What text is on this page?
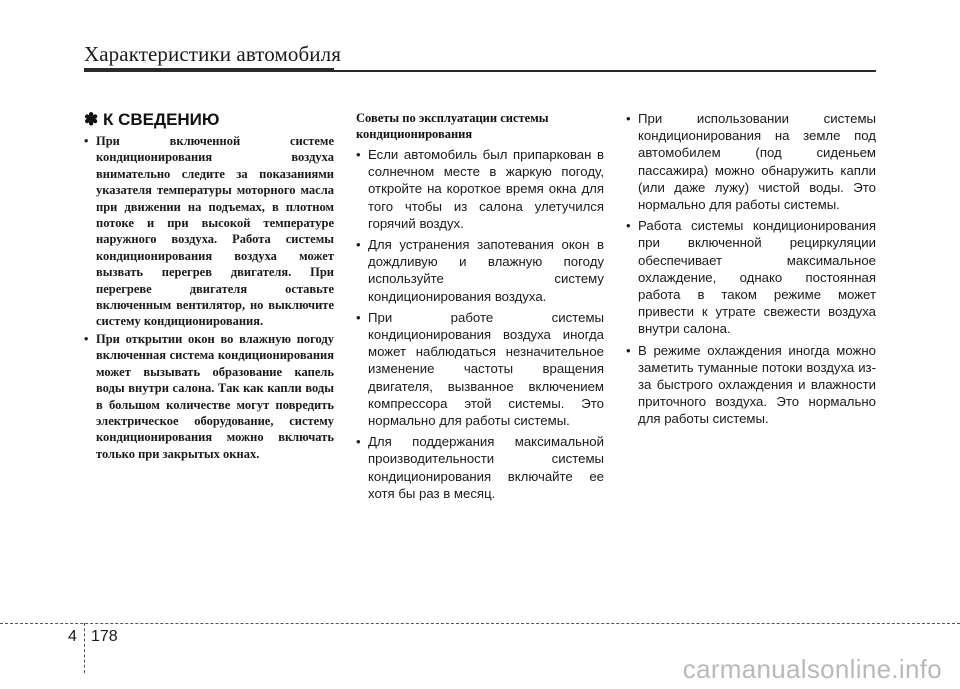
Характеристики автомобиля
✽ К СВЕДЕНИЮ
• При включенной системе кондиционирования воздуха внимательно следите за показаниями указателя температуры моторного масла при движении на подъемах, в плотном потоке и при высокой температуре наружного воздуха. Работа системы кондиционирования воздуха может вызвать перегрев двигателя. При перегреве двигателя оставьте включенным вентилятор, но выключите систему кондиционирования.
• При открытии окон во влажную погоду включенная система кондиционирования может вызывать образование капель воды внутри салона. Так как капли воды в большом количестве могут повредить электрическое оборудование, систему кондиционирования можно включать только при закрытых окнах.
Советы по эксплуатации системы кондиционирования
• Если автомобиль был припаркован в солнечном месте в жаркую погоду, откройте на короткое время окна для того чтобы из салона улетучился горячий воздух.
• Для устранения запотевания окон в дождливую и влажную погоду используйте систему кондиционирования воздуха.
• При работе системы кондиционирования воздуха иногда может наблюдаться незначительное изменение частоты вращения двигателя, вызванное включением компрессора этой системы. Это нормально для работы системы.
• Для поддержания максимальной производительности системы кондиционирования включайте ее хотя бы раз в месяц.
• При использовании системы кондиционирования на земле под автомобилем (под сиденьем пассажира) можно обнаружить капли (или даже лужу) чистой воды. Это нормально для работы системы.
• Работа системы кондиционирования при включенной рециркуляции обеспечивает максимальное охлаждение, однако постоянная работа в таком режиме может привести к утрате свежести воздуха внутри салона.
• В режиме охлаждения иногда можно заметить туманные потоки воздуха из-за быстрого охлаждения и влажности приточного воздуха. Это нормально для работы системы.
4 178
carmanualsonline.info
